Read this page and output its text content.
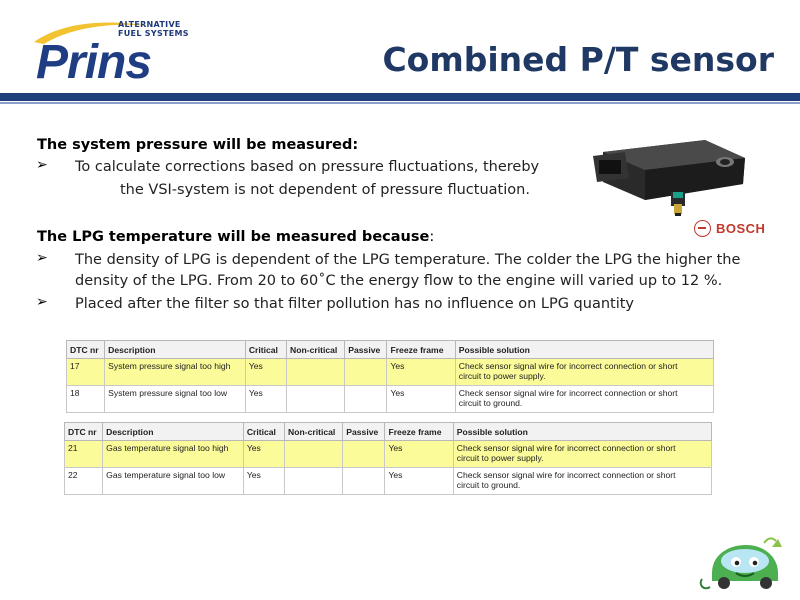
ALTERNATIVE
FUEL SYSTEMS
Prins	Combined P/T sensor
The system pressure will be measured:
➢ To calculate corrections based on pressure fluctuations, thereby
the VSI-system is not dependent of pressure fluctuation.
BOSCH
The LPG temperature will be measured because:
➢ The density of LPG is dependent of the LPG temperature. The colder the LPG the higher the
density of the LPG. From 20 to 60˚C the energy flow to the engine will varied up to 12 %.
➢ Placed after the filter so that filter pollution has no influence on LPG quantity
DTC nr	Description	Critical	Non-critical	Passive	Freeze frame	Possible solution
17	System pressure signal too high	Yes			Yes	Check sensor signal wire for incorrect connection or short
circuit to power supply.

18	System pressure signal too low	Yes			Yes	Check sensor signal wire for incorrect connection or short
circuit to ground.
DTC nr	Description	Critical	Non-critical	Passive	Freeze frame	Possible solution
21	Gas temperature signal too high	Yes			Yes	Check sensor signal wire for incorrect connection or short
circuit to power supply.

22	Gas temperature signal too low	Yes			Yes	Check sensor signal wire for incorrect connection or short
circuit to ground.
